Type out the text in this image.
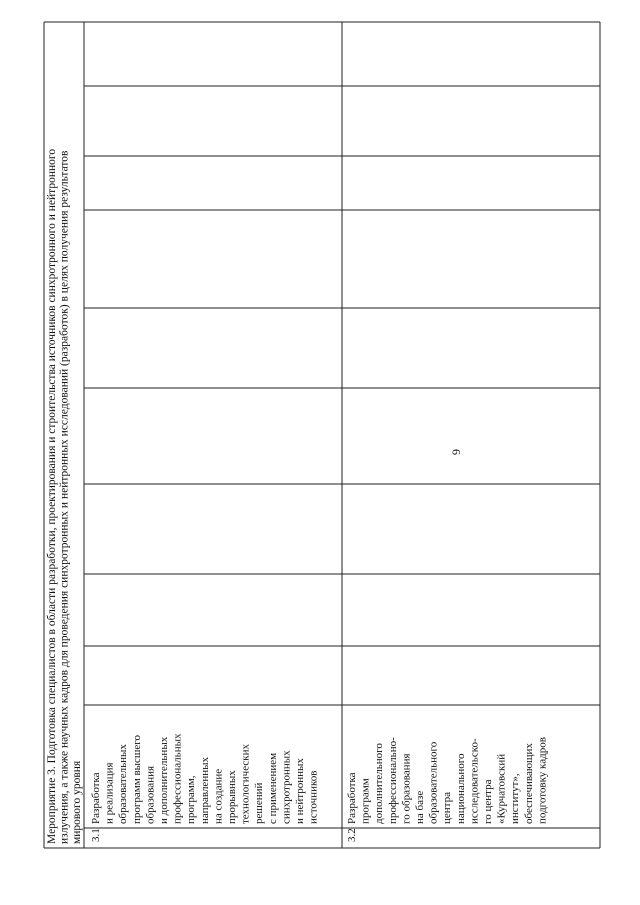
6
3.1
Разработка и реализация образовательных программ высшего образования и дополнительных профессиональных программ, направленных на создание прорывных технологических решений с применением синхротронных и нейтронных источников
3.2
Разработка программ дополнительного профессионально- го образования на базе образовательного центра национального исследовательско- го центра «Курчатовский институт», обеспечивающих подготовку кадров
Мероприятие 3. Подготовка специалистов в области разработки, проектирования и строительства источников синхротронного и нейтронного излучения, а также научных кадров для проведения синхротронных и нейтронных исследований (разработок) в целях получения результатов мирового уровня
